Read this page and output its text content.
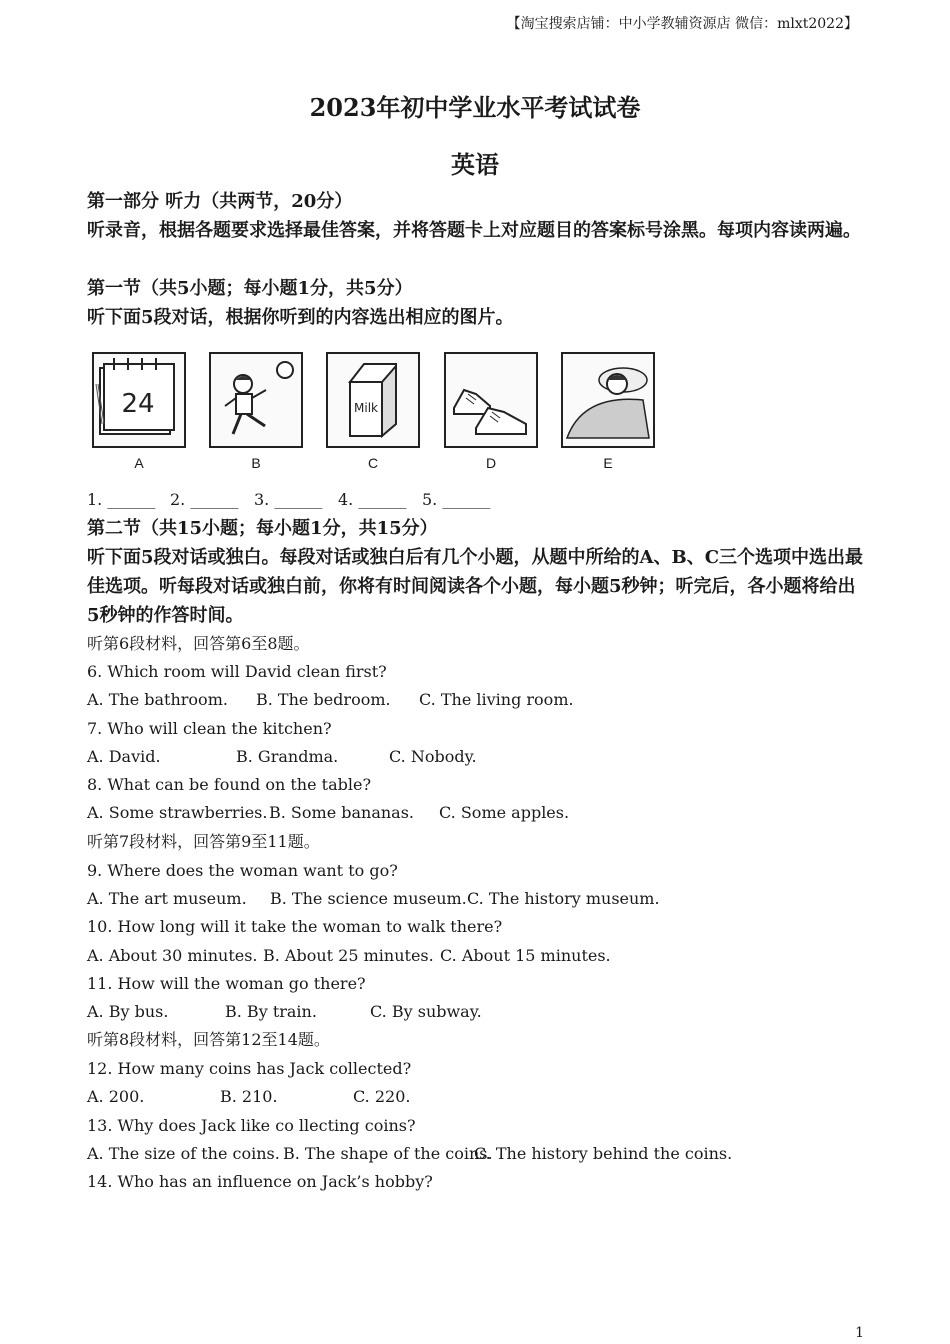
【淘宝搜索店铺：中小学教辅资源店 微信：mlxt2022】
2023年初中学业水平考试试卷
英语
第一部分 听力（共两节，20分）
听录音，根据各题要求选择最佳答案，并将答题卡上对应题目的答案标号涂黑。每项内容读两遍。
第一节（共5小题；每小题1分，共5分）
听下面5段对话，根据你听到的内容选出相应的图片。
24
A	B
Milk
C	D	E
1. ______ 2. ______ 3. ______ 4. ______ 5. ______
第二节（共15小题；每小题1分，共15分）
听下面5段对话或独白。每段对话或独白后有几个小题，从题中所给的A、B、C三个选项中选出最佳选项。听每段对话或独白前，你将有时间阅读各个小题，每小题5秒钟；听完后，各小题将给出5秒钟的作答时间。
听第6段材料，回答第6至8题。
6. Which room will David clean first?
A. The bathroom. B. The bedroom. C. The living room.
7. Who will clean the kitchen?
A. David.	B. Grandma.	C. Nobody.
8. What can be found on the table?
A. Some strawberries. B. Some bananas. C. Some apples.
听第7段材料，回答第9至11题。
9. Where does the woman want to go?
A. The art museum. B. The science museum. C. The history museum.
10. How long will it take the woman to walk there?
A. About 30 minutes. B. About 25 minutes. C. About 15 minutes.
11. How will the woman go there?
A. By bus.	B. By train.	C. By subway.
听第8段材料，回答第12至14题。
12. How many coins has Jack collected?
A. 200.	B. 210.	C. 220.
13. Why does Jack like co llecting coins?
A. The size of the coins. B. The shape of the coins.
C. The history behind the coins.
14. Who has an influence on Jack’s hobby?
1
